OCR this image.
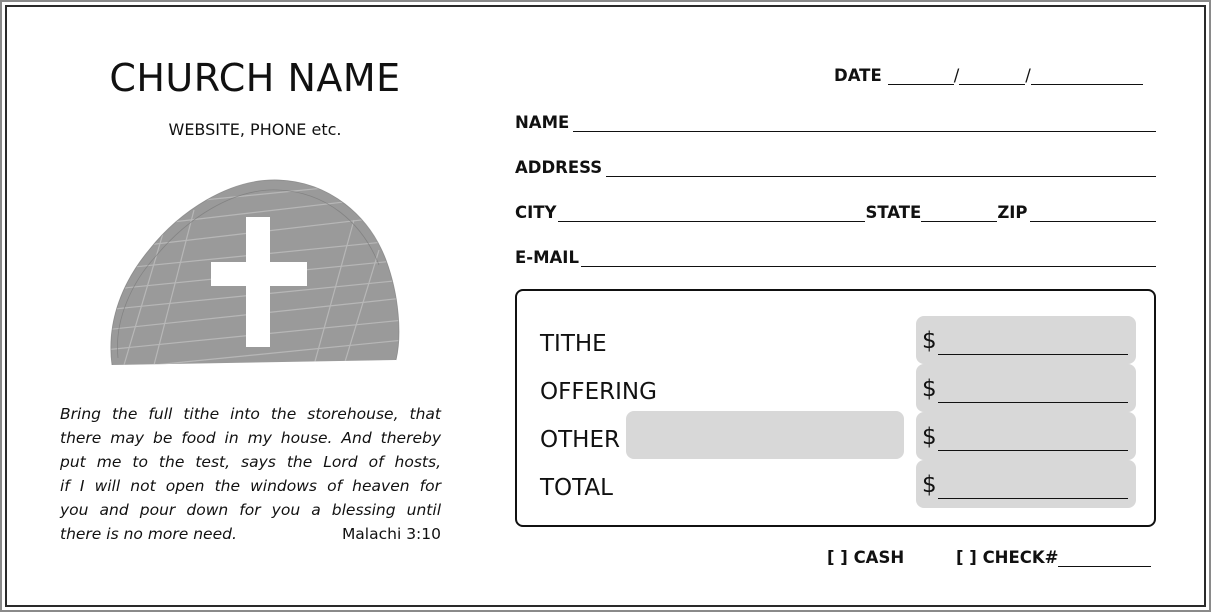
CHURCH NAME
WEBSITE, PHONE etc.
Bring the full tithe into the storehouse, that
there may be food in my house. And thereby
put me to the test, says the Lord of hosts,
if I will not open the windows of heaven for
you and pour down for you a blessing until
there is no more need.	Malachi 3:10
DATE	/	/
NAME
ADDRESS
CITY	STATE	ZIP
E-MAIL
TITHE	$
OFFERING	$
OTHER	$
TOTAL	$
[ ] CASH	[ ] CHECK#
